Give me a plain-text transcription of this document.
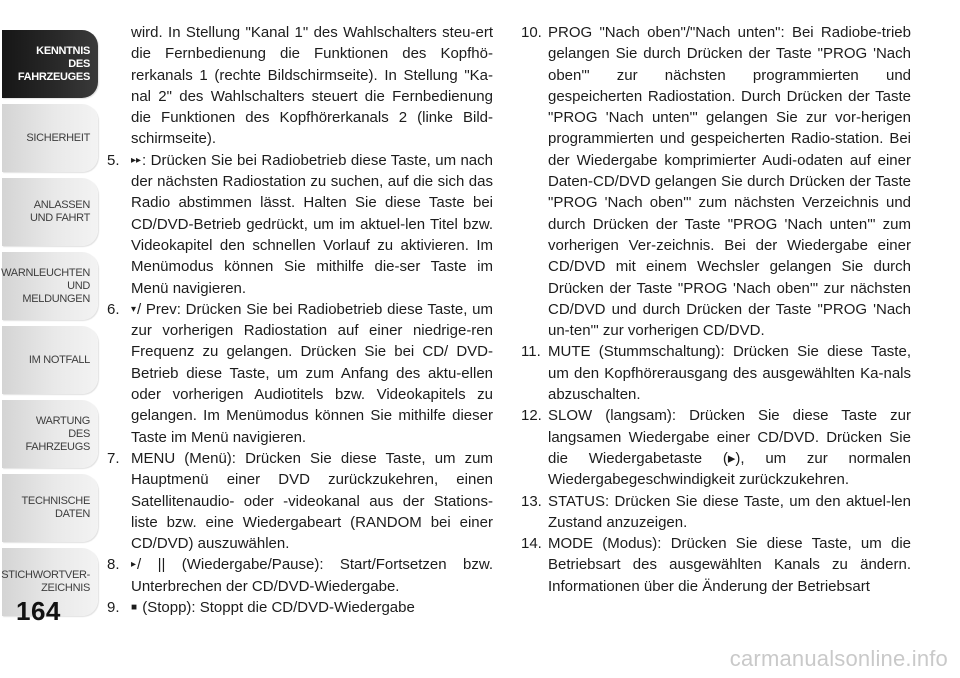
KENNTNIS
DES
FAHRZEUGES
SICHERHEIT
ANLASSEN
UND FAHRT
WARNLEUCHTEN
UND
MELDUNGEN
IM NOTFALL
WARTUNG
DES
FAHRZEUGS
TECHNISCHE
DATEN
STICHWORTVER-
ZEICHNIS
164

wird. In Stellung "Kanal 1" des Wahlschalters steu-ert die Fernbedienung die Funktionen des Kopfhö-rerkanals 1 (rechte Bildschirmseite). In Stellung "Ka-nal 2" des Wahlschalters steuert die Fernbedienung die Funktionen des Kopfhörerkanals 2 (linke Bild-schirmseite).

5. ▸▸: Drücken Sie bei Radiobetrieb diese Taste, um nach der nächsten Radiostation zu suchen, auf die sich das Radio abstimmen lässt. Halten Sie diese Taste bei CD/DVD-Betrieb gedrückt, um im aktuel-len Titel bzw. Videokapitel den schnellen Vorlauf zu aktivieren. Im Menümodus können Sie mithilfe die-ser Taste im Menü navigieren.

6. ▾/ Prev: Drücken Sie bei Radiobetrieb diese Taste, um zur vorherigen Radiostation auf einer niedrige-ren Frequenz zu gelangen. Drücken Sie bei CD/ DVD-Betrieb diese Taste, um zum Anfang des aktu-ellen oder vorherigen Audiotitels bzw. Videokapitels zu gelangen. Im Menümodus können Sie mithilfe dieser Taste im Menü navigieren.

7. MENU (Menü): Drücken Sie diese Taste, um zum Hauptmenü einer DVD zurückzukehren, einen Satellitenaudio- oder -videokanal aus der Stations-liste bzw. eine Wiedergabeart (RANDOM bei einer CD/DVD) auszuwählen.

8. ▸/ || (Wiedergabe/Pause): Start/Fortsetzen bzw. Unterbrechen der CD/DVD-Wiedergabe.

9. ■ (Stopp): Stoppt die CD/DVD-Wiedergabe

10. PROG "Nach oben"/"Nach unten": Bei Radiobe-trieb gelangen Sie durch Drücken der Taste "PROG 'Nach oben'" zur nächsten programmierten und gespeicherten Radiostation. Durch Drücken der Taste "PROG 'Nach unten'" gelangen Sie zur vor-herigen programmierten und gespeicherten Radio-station. Bei der Wiedergabe komprimierter Audi-odaten auf einer Daten-CD/DVD gelangen Sie durch Drücken der Taste "PROG 'Nach oben'" zum nächsten Verzeichnis und durch Drücken der Taste "PROG 'Nach unten'" zum vorherigen Ver-zeichnis. Bei der Wiedergabe einer CD/DVD mit einem Wechsler gelangen Sie durch Drücken der Taste "PROG 'Nach oben'" zur nächsten CD/DVD und durch Drücken der Taste "PROG 'Nach un-ten'" zur vorherigen CD/DVD.

11. MUTE (Stummschaltung): Drücken Sie diese Taste, um den Kopfhörerausgang des ausgewählten Ka-nals abzuschalten.

12. SLOW (langsam): Drücken Sie diese Taste zur langsamen Wiedergabe einer CD/DVD. Drücken Sie die Wiedergabetaste (▸), um zur normalen Wiedergabegeschwindigkeit zurückzukehren.

13. STATUS: Drücken Sie diese Taste, um den aktuel-len Zustand anzuzeigen.

14. MODE (Modus): Drücken Sie diese Taste, um die Betriebsart des ausgewählten Kanals zu ändern. Informationen über die Änderung der Betriebsart

carmanualsonline.info
